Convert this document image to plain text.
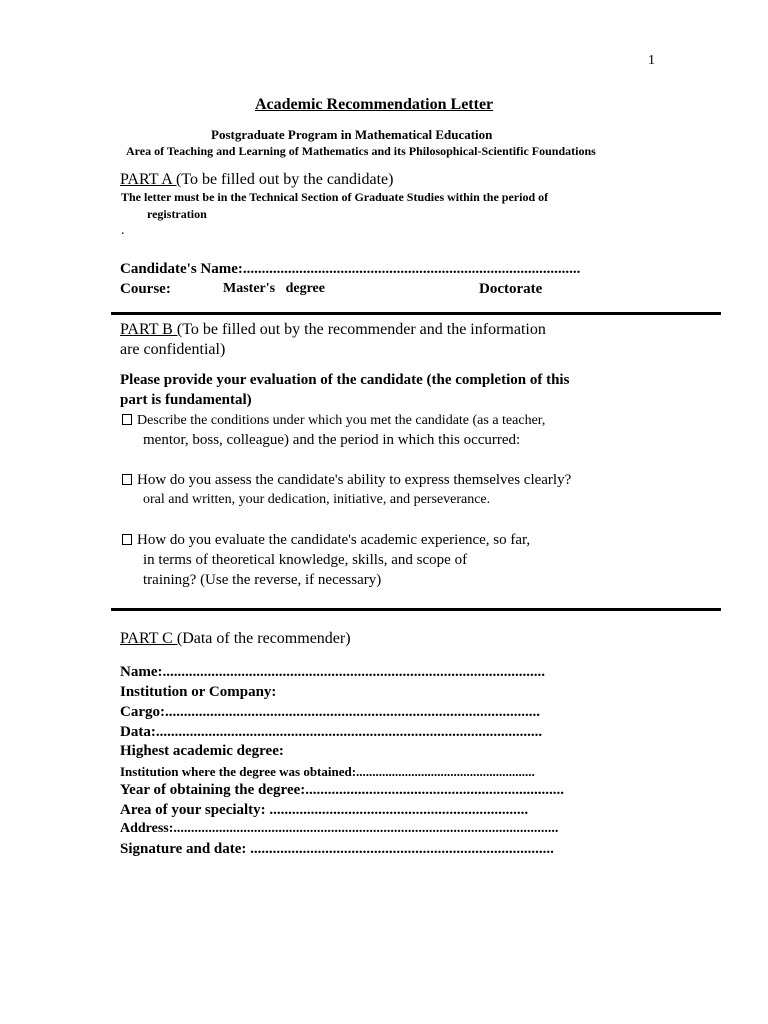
1
Academic Recommendation Letter
Postgraduate Program in Mathematical Education
Area of Teaching and Learning of Mathematics and its Philosophical-Scientific Foundations
PART A (To be filled out by the candidate)
The letter must be in the Technical Section of Graduate Studies within the period of
registration
.
Candidate's Name:..........................................................................................
Course:	Master's   degree	Doctorate
PART B (To be filled out by the recommender and the information
are confidential)
Please provide your evaluation of the candidate (the completion of this
part is fundamental)
Describe the conditions under which you met the candidate (as a teacher,
mentor, boss, colleague) and the period in which this occurred:
How do you assess the candidate's ability to express themselves clearly?
oral and written, your dedication, initiative, and perseverance.
How do you evaluate the candidate's academic experience, so far,
in terms of theoretical knowledge, skills, and scope of
training? (Use the reverse, if necessary)
PART C (Data of the recommender)
Name:......................................................................................................
Institution or Company:
Cargo:....................................................................................................
Data:.......................................................................................................
Highest academic degree:
Institution where the degree was obtained:.......................................................
Year of obtaining the degree:.....................................................................
Area of your specialty: .....................................................................
Address:..............................................................................................................
Signature and date: .................................................................................
